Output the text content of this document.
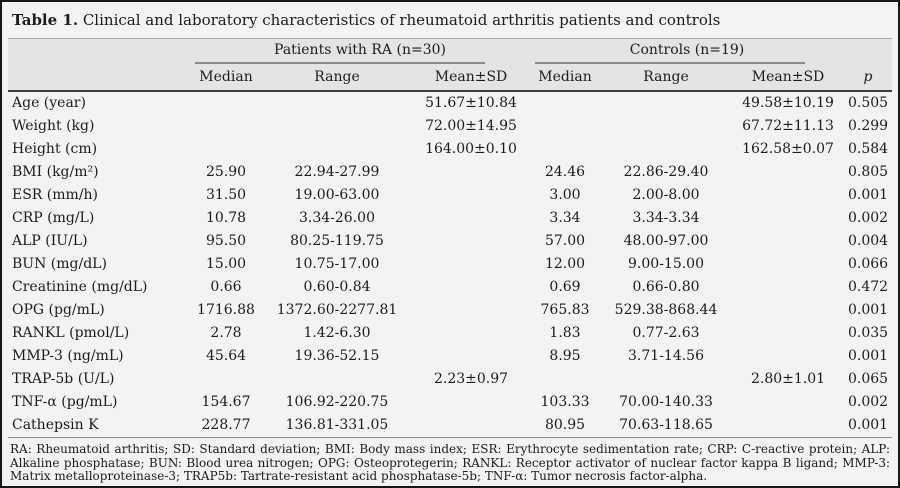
Table 1. Clinical and laboratory characteristics of rheumatoid arthritis patients and controls

	Patients with RA (n=30)			Controls (n=19)			

	Median	Range	Mean±SD	Median	Range	Mean±SD	p
Age (year)			51.67±10.84			49.58±10.19	0.505
Weight (kg)			72.00±14.95			67.72±11.13	0.299
Height (cm)			164.00±0.10			162.58±0.07	0.584
BMI (kg/m²)	25.90	22.94-27.99		24.46	22.86-29.40		0.805
ESR (mm/h)	31.50	19.00-63.00		3.00	2.00-8.00		0.001
CRP (mg/L)	10.78	3.34-26.00		3.34	3.34-3.34		0.002
ALP (IU/L)	95.50	80.25-119.75		57.00	48.00-97.00		0.004
BUN (mg/dL)	15.00	10.75-17.00		12.00	9.00-15.00		0.066
Creatinine (mg/dL)	0.66	0.60-0.84		0.69	0.66-0.80		0.472
OPG (pg/mL)	1716.88	1372.60-2277.81		765.83	529.38-868.44		0.001
RANKL (pmol/L)	2.78	1.42-6.30		1.83	0.77-2.63		0.035
MMP-3 (ng/mL)	45.64	19.36-52.15		8.95	3.71-14.56		0.001
TRAP-5b (U/L)			2.23±0.97			2.80±1.01	0.065
TNF-α (pg/mL)	154.67	106.92-220.75		103.33	70.00-140.33		0.002
Cathepsin K	228.77	136.81-331.05		80.95	70.63-118.65		0.001
RA: Rheumatoid arthritis; SD: Standard deviation; BMI: Body mass index; ESR: Erythrocyte sedimentation rate; CRP: C-reactive protein; ALP: Alkaline phosphatase; BUN: Blood urea nitrogen; OPG: Osteoprotegerin; RANKL: Receptor activator of nuclear factor kappa B ligand; MMP-3: Matrix metalloproteinase-3; TRAP5b: Tartrate-resistant acid phosphatase-5b; TNF-α: Tumor necrosis factor-alpha.
